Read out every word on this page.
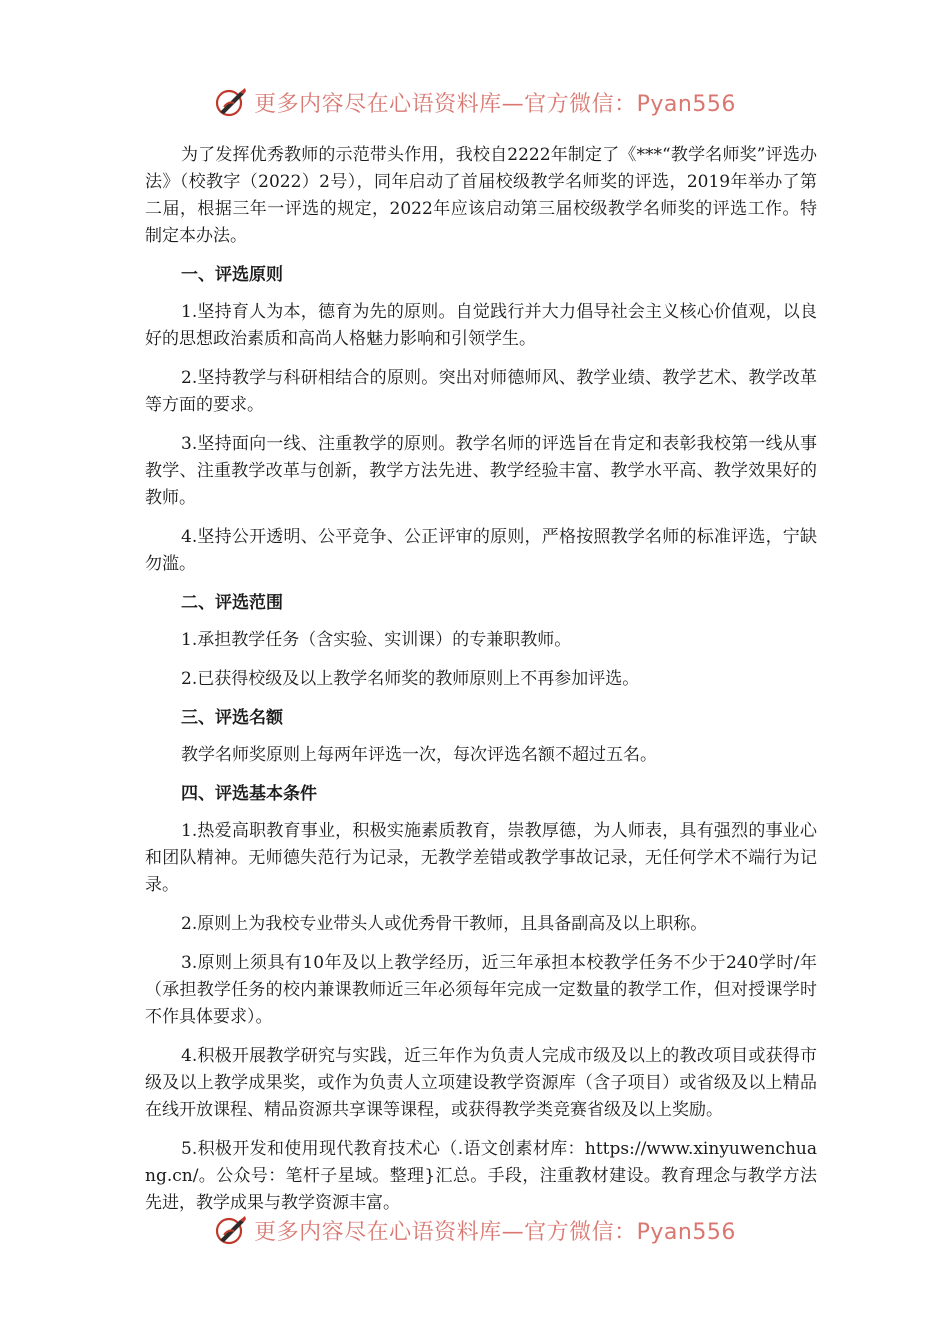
更多内容尽在心语资料库—官方微信：Pyan556

为了发挥优秀教师的示范带头作用，我校自2222年制定了《***“教学名师奖”评选办法》（校教字（2022）2号），同年启动了首届校级教学名师奖的评选，2019年举办了第二届，根据三年一评选的规定，2022年应该启动第三届校级教学名师奖的评选工作。特制定本办法。

一、评选原则

1.坚持育人为本，德育为先的原则。自觉践行并大力倡导社会主义核心价值观，以良好的思想政治素质和高尚人格魅力影响和引领学生。

2.坚持教学与科研相结合的原则。突出对师德师风、教学业绩、教学艺术、教学改革等方面的要求。

3.坚持面向一线、注重教学的原则。教学名师的评选旨在肯定和表彰我校第一线从事教学、注重教学改革与创新，教学方法先进、教学经验丰富、教学水平高、教学效果好的教师。

4.坚持公开透明、公平竞争、公正评审的原则，严格按照教学名师的标准评选，宁缺勿滥。

二、评选范围

1.承担教学任务（含实验、实训课）的专兼职教师。

2.已获得校级及以上教学名师奖的教师原则上不再参加评选。

三、评选名额

教学名师奖原则上每两年评选一次，每次评选名额不超过五名。

四、评选基本条件

1.热爱高职教育事业，积极实施素质教育，崇教厚德，为人师表，具有强烈的事业心和团队精神。无师德失范行为记录，无教学差错或教学事故记录，无任何学术不端行为记录。

2.原则上为我校专业带头人或优秀骨干教师，且具备副高及以上职称。

3.原则上须具有10年及以上教学经历，近三年承担本校教学任务不少于240学时/年（承担教学任务的校内兼课教师近三年必须每年完成一定数量的教学工作，但对授课学时不作具体要求）。

4.积极开展教学研究与实践，近三年作为负责人完成市级及以上的教改项目或获得市级及以上教学成果奖，或作为负责人立项建设教学资源库（含子项目）或省级及以上精品在线开放课程、精品资源共享课等课程，或获得教学类竞赛省级及以上奖励。

5.积极开发和使用现代教育技术心（.语文创素材库：https://www.xinyuwenchuang.cn/。公众号：笔杆子星域。整理}汇总。手段，注重教材建设。教育理念与教学方法先进，教学成果与教学资源丰富。

更多内容尽在心语资料库—官方微信：Pyan556
